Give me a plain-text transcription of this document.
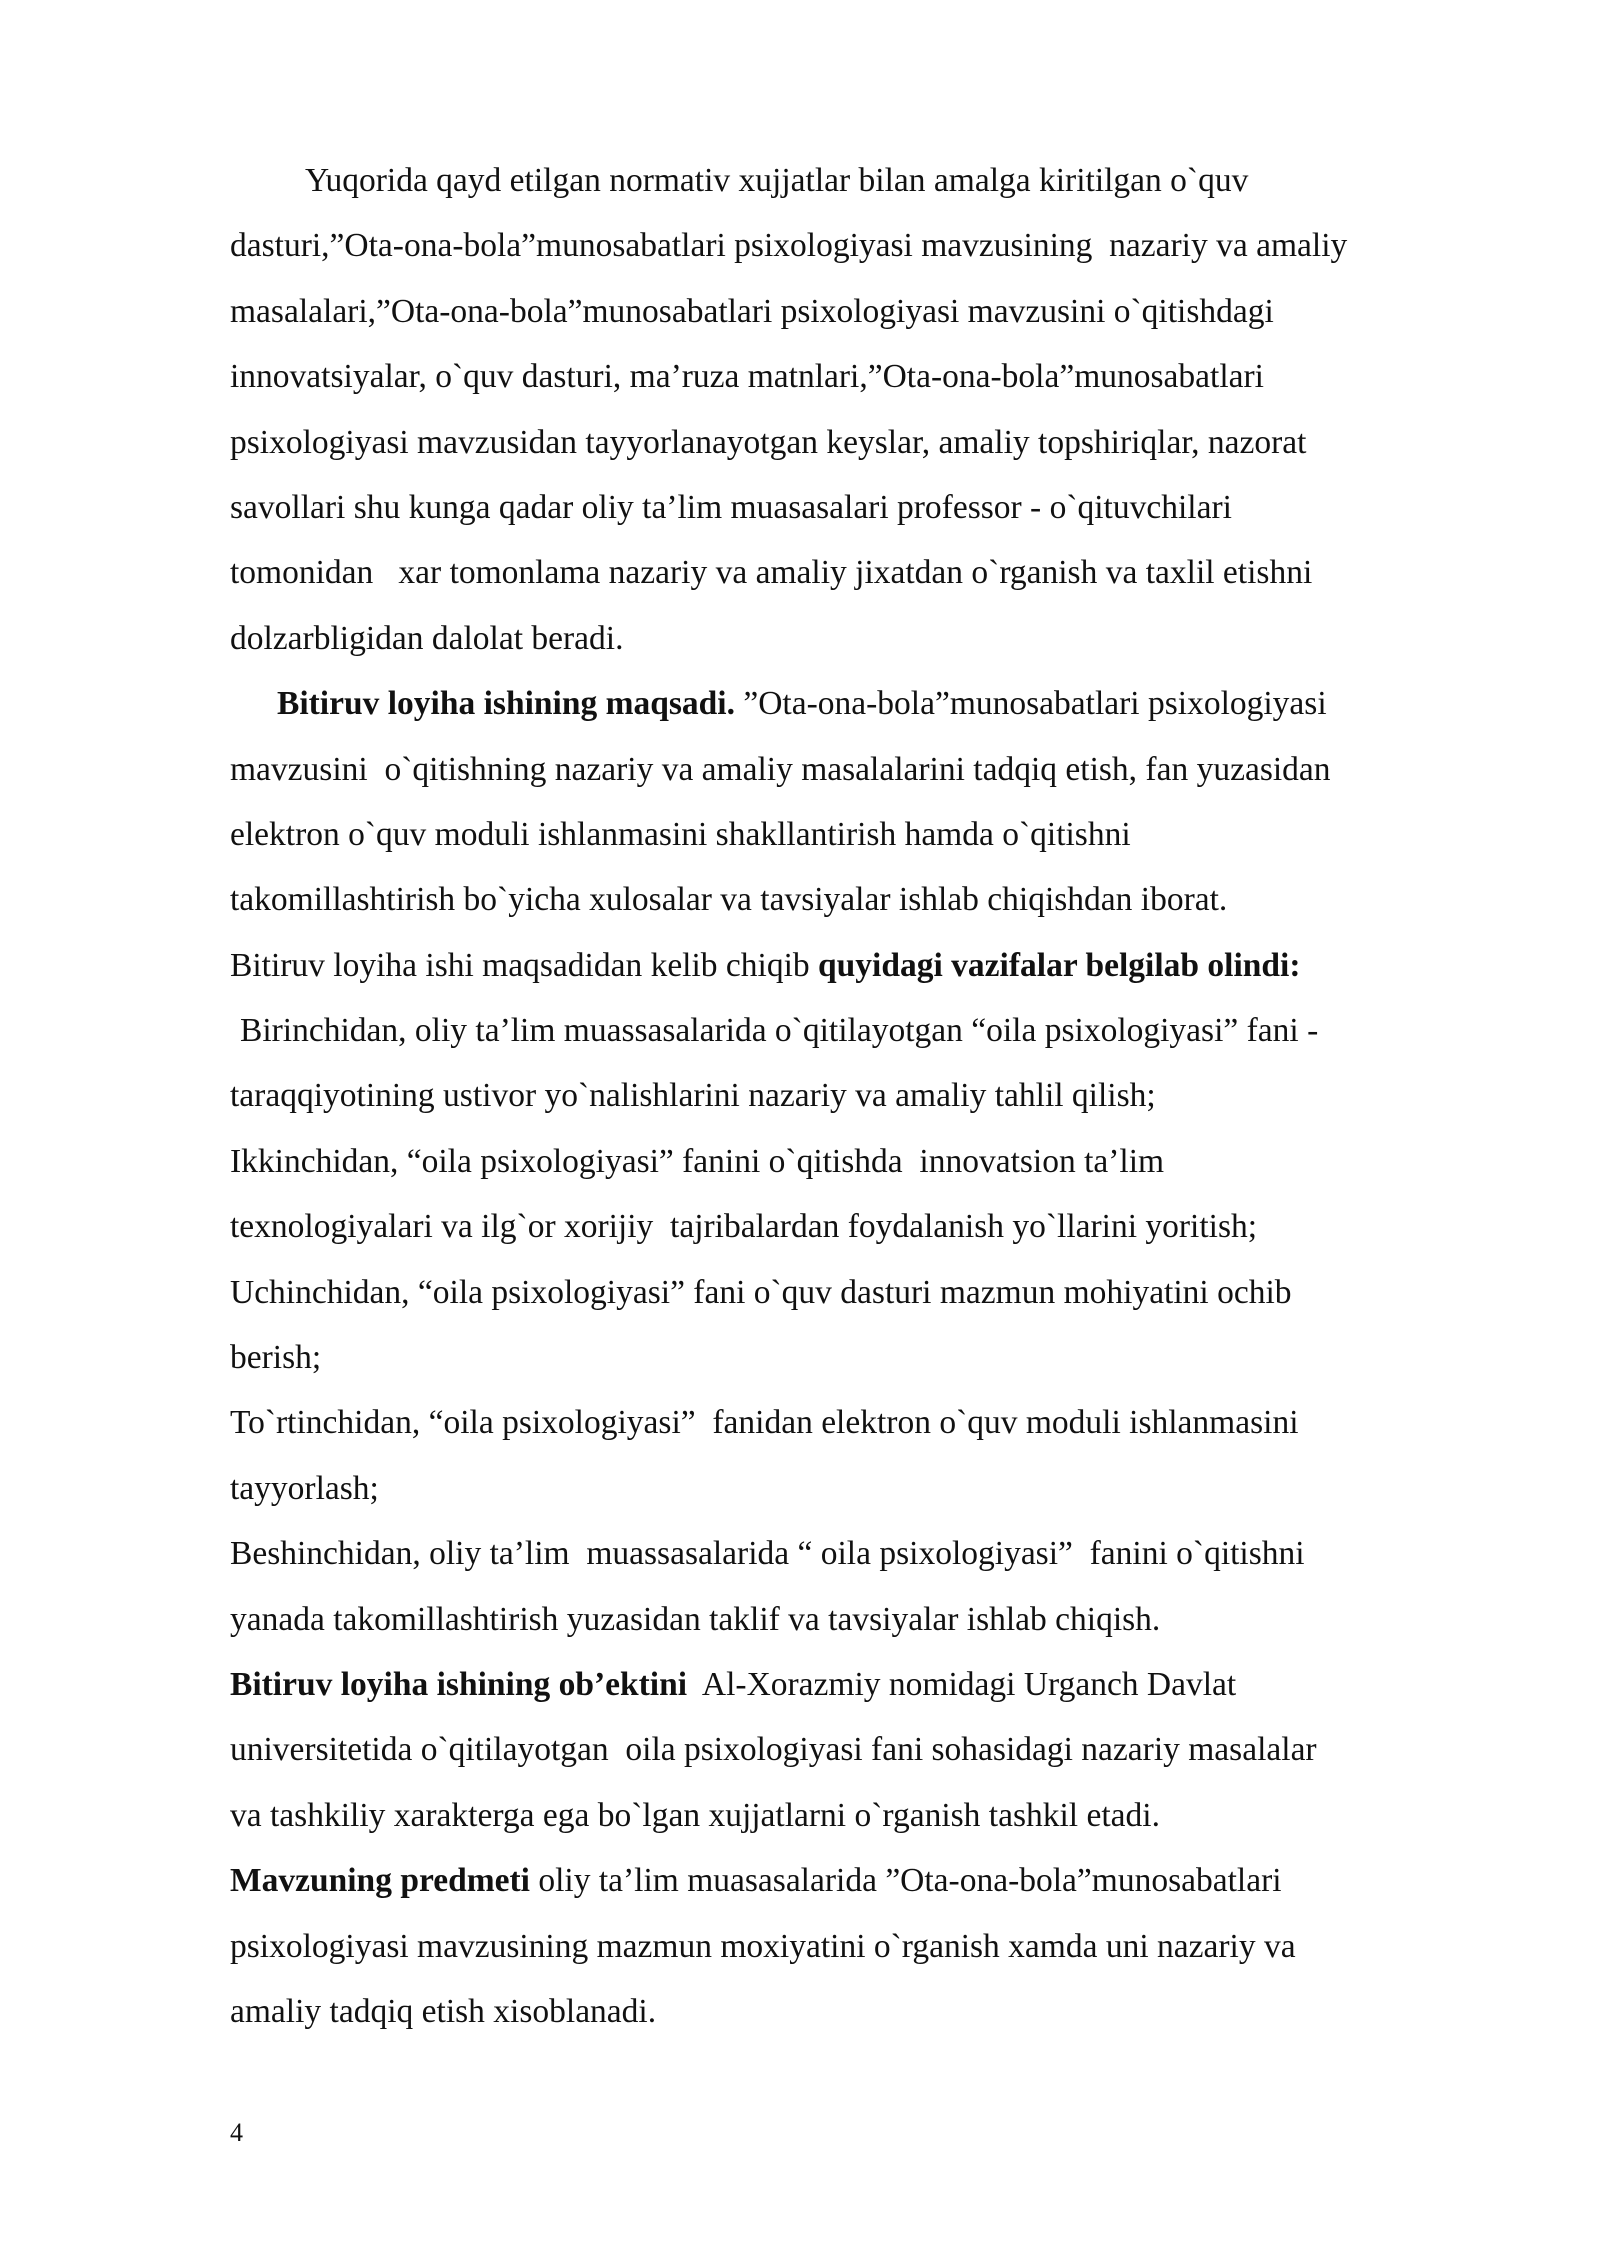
Yuqorida qayd etilgan normativ xujjatlar bilan amalga kiritilgan o`quv
dasturi,”Ota-ona-bola”munosabatlari psixologiyasi mavzusining  nazariy va amaliy
masalalari,”Ota-ona-bola”munosabatlari psixologiyasi mavzusini o`qitishdagi
innovatsiyalar, o`quv dasturi, ma’ruza matnlari,”Ota-ona-bola”munosabatlari
psixologiyasi mavzusidan tayyorlanayotgan keyslar, amaliy topshiriqlar, nazorat
savollari shu kunga qadar oliy ta’lim muasasalari professor - o`qituvchilari
tomonidan   xar tomonlama nazariy va amaliy jixatdan o`rganish va taxlil etishni
dolzarbligidan dalolat beradi.
Bitiruv loyiha ishining maqsadi. ”Ota-ona-bola”munosabatlari psixologiyasi
mavzusini  o`qitishning nazariy va amaliy masalalarini tadqiq etish, fan yuzasidan
elektron o`quv moduli ishlanmasini shakllantirish hamda o`qitishni
takomillashtirish bo`yicha xulosalar va tavsiyalar ishlab chiqishdan iborat.
Bitiruv loyiha ishi maqsadidan kelib chiqib quyidagi vazifalar belgilab olindi:
Birinchidan, oliy ta’lim muassasalarida o`qitilayotgan “oila psixologiyasi” fani -
taraqqiyotining ustivor yo`nalishlarini nazariy va amaliy tahlil qilish;
Ikkinchidan, “oila psixologiyasi” fanini o`qitishda  innovatsion ta’lim
texnologiyalari va ilg`or xorijiy  tajribalardan foydalanish yo`llarini yoritish;
Uchinchidan, “oila psixologiyasi” fani o`quv dasturi mazmun mohiyatini ochib
berish;
To`rtinchidan, “oila psixologiyasi”  fanidan elektron o`quv moduli ishlanmasini
tayyorlash;
Beshinchidan, oliy ta’lim  muassasalarida “ oila psixologiyasi”  fanini o`qitishni
yanada takomillashtirish yuzasidan taklif va tavsiyalar ishlab chiqish.
Bitiruv loyiha ishining ob’ektini  Al-Xorazmiy nomidagi Urganch Davlat
universitetida o`qitilayotgan  oila psixologiyasi fani sohasidagi nazariy masalalar
va tashkiliy xarakterga ega bo`lgan xujjatlarni o`rganish tashkil etadi.
Mavzuning predmeti oliy ta’lim muasasalarida ”Ota-ona-bola”munosabatlari
psixologiyasi mavzusining mazmun moxiyatini o`rganish xamda uni nazariy va
amaliy tadqiq etish xisoblanadi.
4
